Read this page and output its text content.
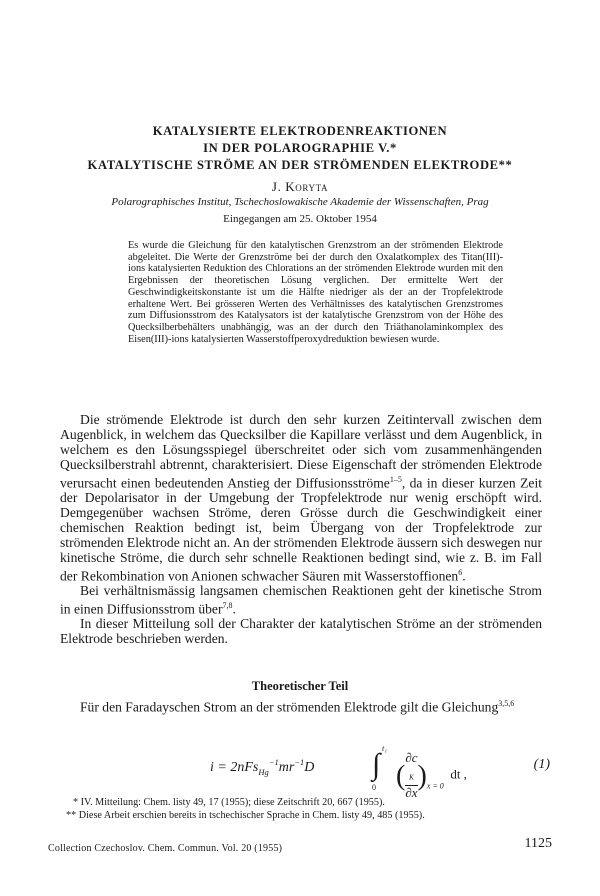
KATALYSIERTE ELEKTRODENREAKTIONEN
IN DER POLAROGRAPHIE V.*
KATALYTISCHE STRÖME AN DER STRÖMENDEN ELEKTRODE**
J. Koryta
Polarographisches Institut, Tschechoslowakische Akademie der Wissenschaften, Prag
Eingegangen am 25. Oktober 1954
Es wurde die Gleichung für den katalytischen Grenzstrom an der strömenden Elektrode abgeleitet. Die Werte der Grenzströme bei der durch den Oxalatkomplex des Titan(III)-ions katalysierten Reduktion des Chlorations an der strömenden Elektrode wurden mit den Ergebnissen der theoretischen Lösung verglichen. Der ermittelte Wert der Geschwindigkeitskonstante ist um die Hälfte niedriger als der an der Tropfelektrode erhaltene Wert. Bei grösseren Werten des Verhältnisses des katalytischen Grenzstromes zum Diffusionsstrom des Katalysators ist der katalytische Grenzstrom von der Höhe des Quecksilberbehälters unabhängig, was an der durch den Triäthanolaminkomplex des Eisen(III)-ions katalysierten Wasserstoffperoxydreduktion bewiesen wurde.

Die strömende Elektrode ist durch den sehr kurzen Zeitintervall zwischen dem Augenblick, in welchem das Quecksilber die Kapillare verlässt und dem Augenblick, in welchem es den Lösungsspiegel überschreitet oder sich vom zusammenhängenden Quecksilberstrahl abtrennt, charakterisiert. Diese Eigenschaft der strömenden Elektrode verursacht einen bedeutenden Anstieg der Diffusionsströme$^{1-5}$, da in dieser kurzen Zeit der Depolarisator in der Umgebung der Tropfelektrode nur wenig erschöpft wird. Demgegenüber wachsen Ströme, deren Grösse durch die Geschwindigkeit einer chemischen Reaktion bedingt ist, beim Übergang von der Tropfelektrode zur strömenden Elektrode nicht an. An der strömenden Elektrode äussern sich deswegen nur kinetische Ströme, die durch sehr schnelle Reaktionen bedingt sind, wie z. B. im Fall der Rekombination von Anionen schwacher Säuren mit Wasserstoffionen$^6$.

Bei verhältnismässig langsamen chemischen Reaktionen geht der kinetische Strom in einen Diffusionsstrom über$^{7,8}$.

In dieser Mitteilung soll der Charakter der katalytischen Ströme an der strömenden Elektrode beschrieben werden.

Theoretischer Teil

Für den Faradayschen Strom an der strömenden Elektrode gilt die Gleichung$^{3,5,6}$

$i = 2nFs_{Hg}^{-1}mr^{-1}D$ ∫ t₁
0 ( ∂c
$_K$
∂x )$_{x = 0}$  dt ,
(1)
* IV. Mitteilung: Chem. listy 49, 17 (1955); diese Zeitschrift 20, 667 (1955).
** Diese Arbeit erschien bereits in tschechischer Sprache in Chem. listy 49, 485 (1955).
Collection Czechoslov. Chem. Commun. Vol. 20 (1955)	1125
